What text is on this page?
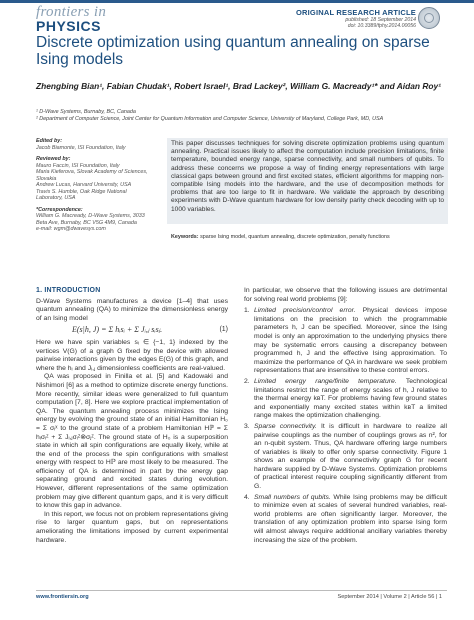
frontiers in
PHYSICS
ORIGINAL RESEARCH ARTICLE
published: 18 September 2014
doi: 10.3389/fphy.2014.00056
Discrete optimization using quantum annealing on sparse Ising models
Zhengbing Bian¹, Fabian Chudak¹, Robert Israel¹, Brad Lackey², William G. Macready¹* and Aidan Roy¹
¹ D-Wave Systems, Burnaby, BC, Canada
² Department of Computer Science, Joint Center for Quantum Information and Computer Science, University of Maryland, College Park, MD, USA
Edited by:
Jacob Biamonte, ISI Foundation, Italy
Reviewed by:
Mauro Faccin, ISI Foundation, Italy
Maria Kieferova, Slovak Academy of Sciences, Slovakia
Andrew Lucas, Harvard University, USA
Travis S. Humble, Oak Ridge National Laboratory, USA
*Correspondence:
William G. Macready, D-Wave Systems, 3033 Beta Ave, Burnaby, BC V5G 4M9, Canada
e-mail: wgm@dwavesys.com
This paper discusses techniques for solving discrete optimization problems using quantum annealing. Practical issues likely to affect the computation include precision limitations, finite temperature, bounded energy range, sparse connectivity, and small numbers of qubits. To address these concerns we propose a way of finding energy representations with large classical gaps between ground and first excited states, efficient algorithms for mapping non-compatible Ising models into the hardware, and the use of decomposition methods for problems that are too large to fit in hardware. We validate the approach by describing experiments with D-Wave quantum hardware for low density parity check decoding with up to 1000 variables.
Keywords: sparse Ising model, quantum annealing, discrete optimization, penalty functions
1. INTRODUCTION
D-Wave Systems manufactures a device [1–4] that uses quantum annealing (QA) to minimize the dimensionless energy of an Ising model
E(s|h, J) = Σ hᵢsᵢ + Σ Jᵢ,ⱼ sᵢsⱼ.	(1)
Here we have spin variables sᵢ ∈ {−1, 1} indexed by the vertices V(G) of a graph G fixed by the device with allowed pairwise interactions given by the edges E(G) of this graph, and where the hᵢ and Jᵢ,ⱼ dimensionless coefficients are real-valued.
QA was proposed in Finilla et al. [5] and Kadowaki and Nishimori [6] as a method to optimize discrete energy functions. More recently, similar ideas were generalized to full quantum computation [7, 8]. Here we explore practical implementation of QA. The quantum annealing process minimizes the Ising energy by evolving the ground state of an initial Hamiltonian H₀ = Σ σᵢˣ to the ground state of a problem Hamiltonian Hℙ = Σ hᵢσᵢᶻ + Σ Jᵢ,ⱼσᵢᶻ⊗σⱼᶻ. The ground state of H₀ is a superposition state in which all spin configurations are equally likely, while at the end of the process the spin configurations with smallest energy with respect to Hℙ are most likely to be measured. The efficiency of QA is determined in part by the energy gap separating ground and excited states during evolution. However, different representations of the same optimization problem may give different quantum gaps, and it is very difficult to know this gap in advance.
In this report, we focus not on problem representations giving rise to larger quantum gaps, but on representations ameliorating the limitations imposed by current experimental hardware.
In particular, we observe that the following issues are detrimental for solving real world problems [9]:
1. Limited precision/control error. Physical devices impose limitations on the precision to which the programmable parameters h, J can be specified. Moreover, since the Ising model is only an approximation to the underlying physics there may be systematic errors causing a discrepancy between programmed h, J and the effective Ising approximation. To maximize the performance of QA in hardware we seek problem representations that are insensitive to these control errors.
2. Limited energy range/finite temperature. Technological limitations restrict the range of energy scales of h, J relative to the thermal energy kʙT. For problems having few ground states and exponentially many excited states within kʙT a limited range makes the optimization challenging.
3. Sparse connectivity. It is difficult in hardware to realize all pairwise couplings as the number of couplings grows as n², for an n-qubit system. Thus, QA hardware offering large numbers of variables is likely to offer only sparse connectivity. Figure 1 shows an example of the connectivity graph G for recent hardware supplied by D-Wave Systems. Optimization problems of practical interest require coupling significantly different from G.
4. Small numbers of qubits. While Ising problems may be difficult to minimize even at scales of several hundred variables, real-world problems are often significantly larger. Moreover, the translation of any optimization problem into sparse Ising form will almost always require additional ancillary variables thereby increasing the size of the problem.
www.frontiersin.org	September 2014 | Volume 2 | Article 56 | 1
